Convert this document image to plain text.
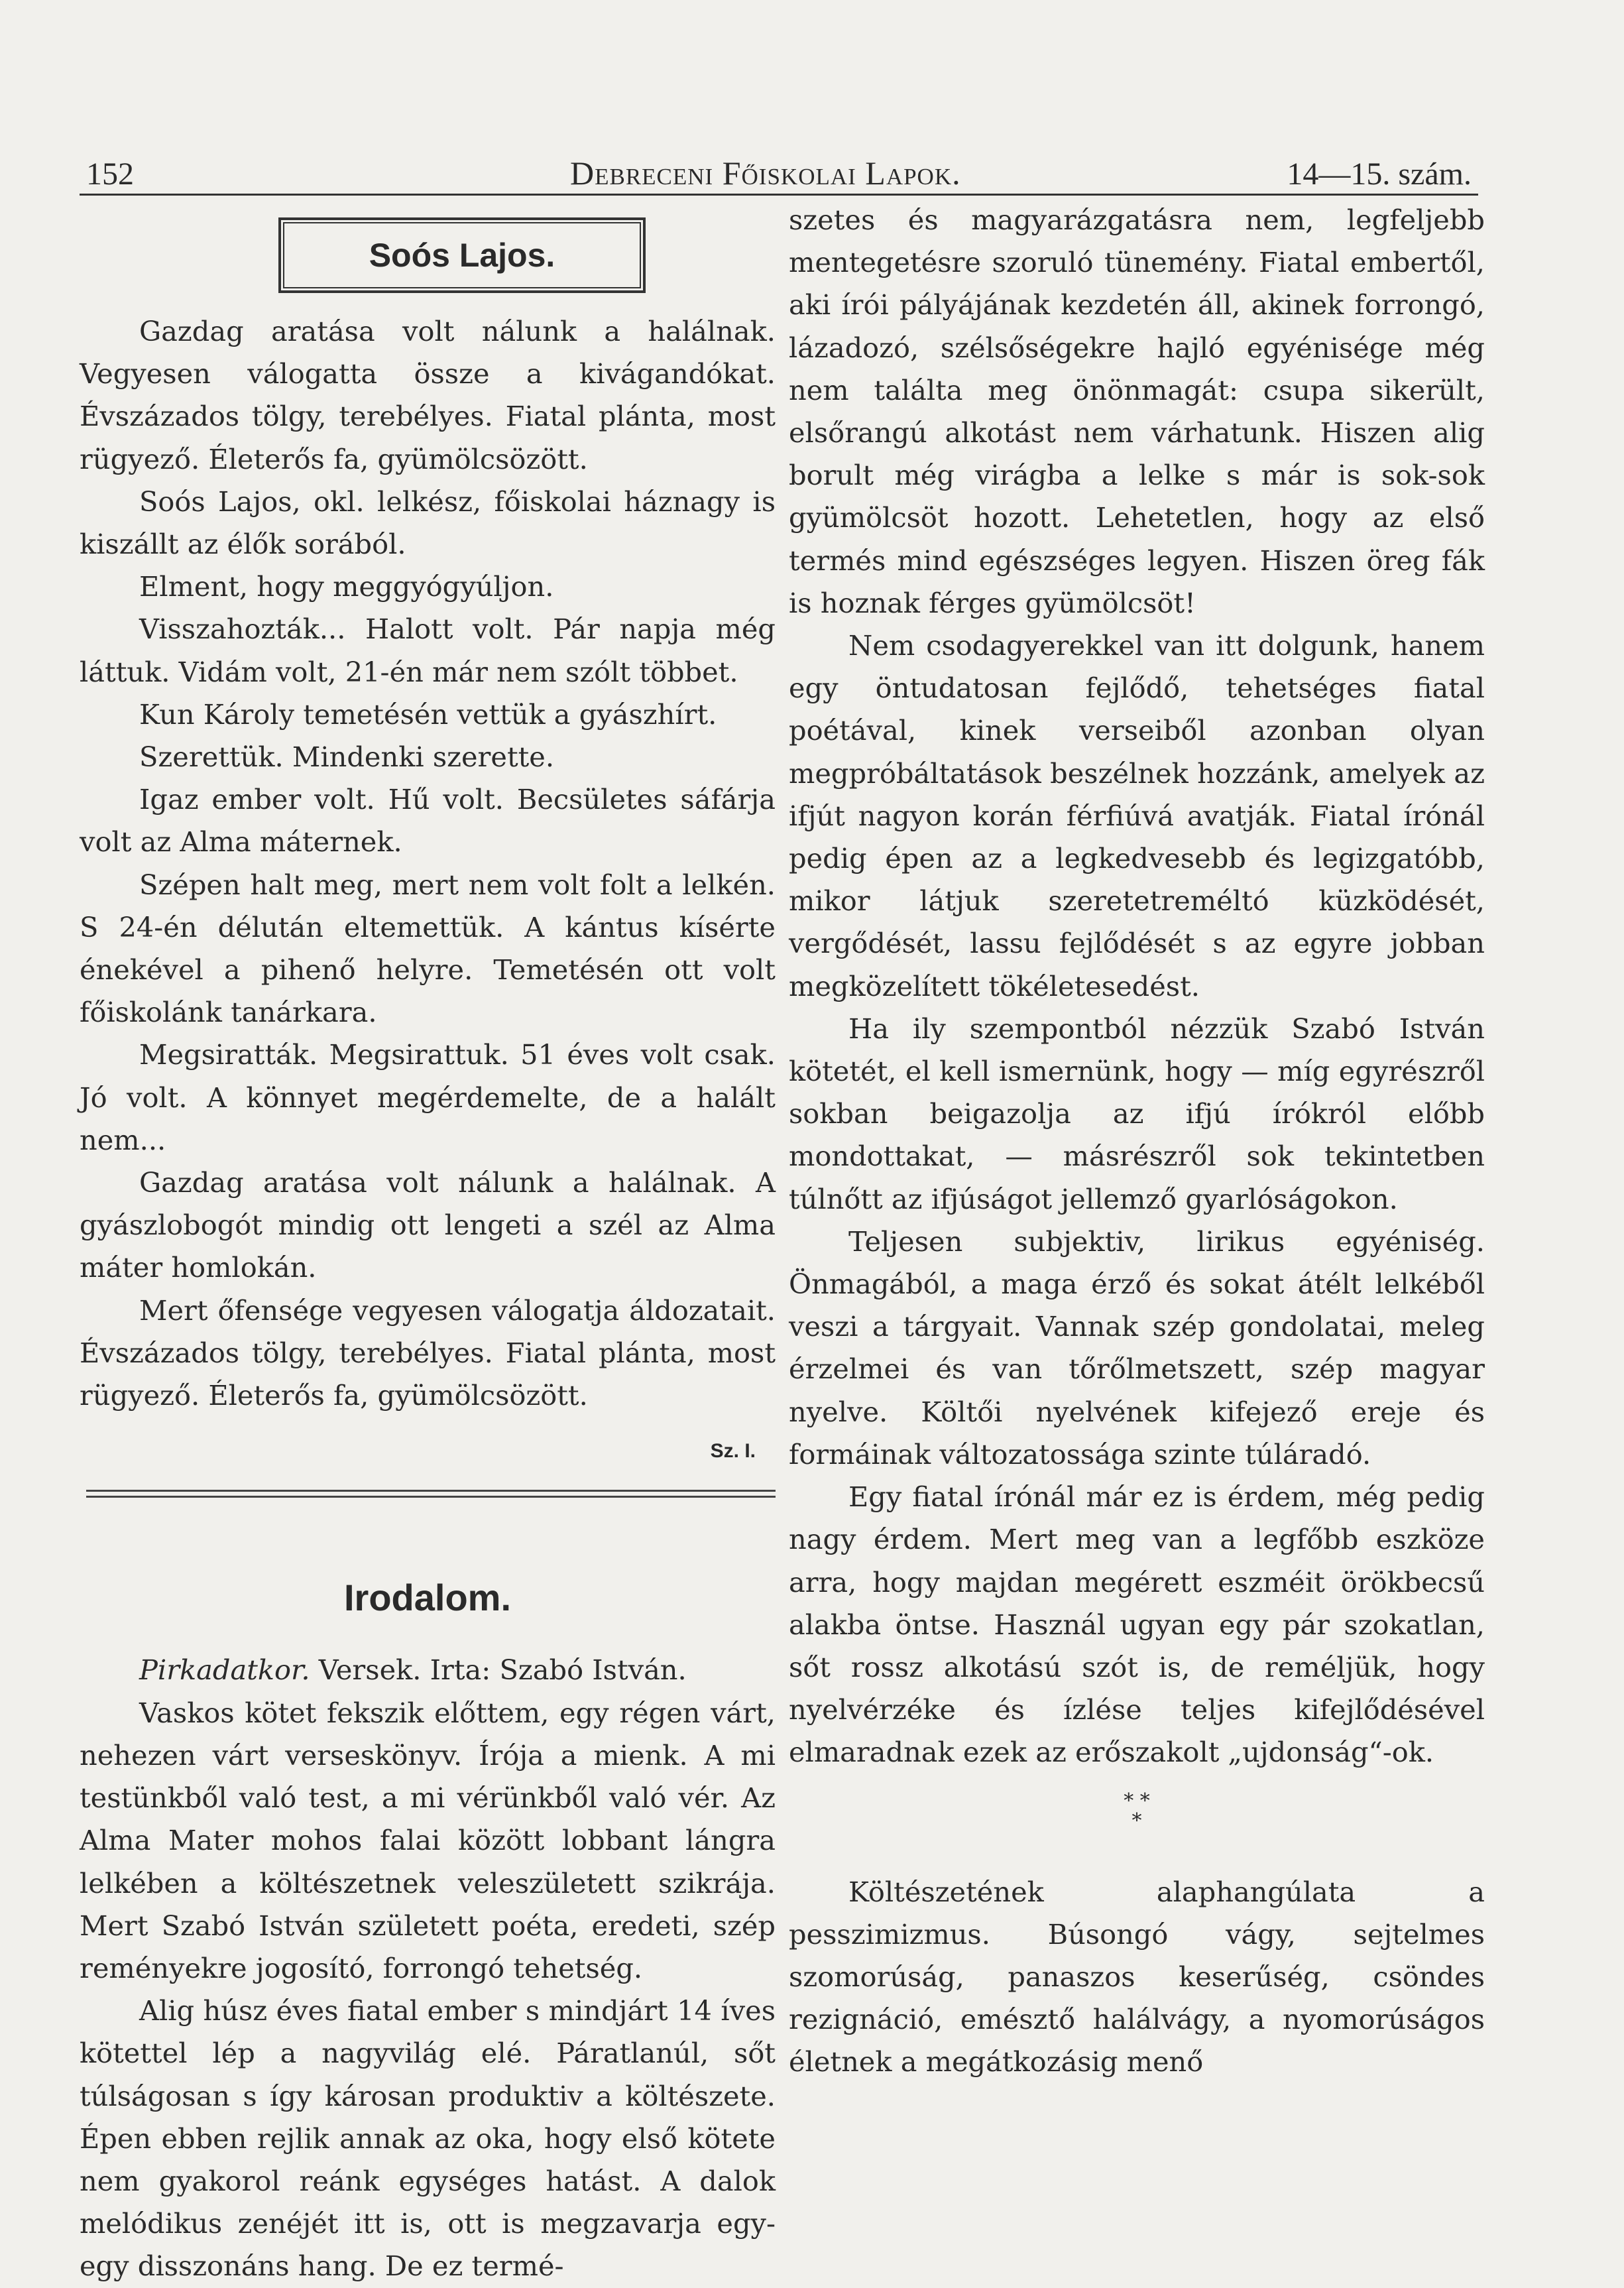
152	Debreceni Főiskolai Lapok.	14—15. szám.
Soós Lajos.

Gazdag aratása volt nálunk a halálnak. Vegyesen válogatta össze a kivágandókat. Évszázados tölgy, terebélyes. Fiatal plánta, most rügyező. Életerős fa, gyümölcsözött.

Soós Lajos, okl. lelkész, főiskolai háznagy is kiszállt az élők sorából.

Elment, hogy meggyógyúljon.

Visszahozták... Halott volt. Pár napja még láttuk. Vidám volt, 21-én már nem szólt többet.

Kun Károly temetésén vettük a gyászhírt.

Szerettük. Mindenki szerette.

Igaz ember volt. Hű volt. Becsületes sáfárja volt az Alma máternek.

Szépen halt meg, mert nem volt folt a lelkén. S 24-én délután eltemettük. A kántus kísérte énekével a pihenő helyre. Temetésén ott volt főiskolánk tanárkara.

Megsiratták. Megsirattuk. 51 éves volt csak. Jó volt. A könnyet megérdemelte, de a halált nem...

Gazdag aratása volt nálunk a halálnak. A gyászlobogót mindig ott lengeti a szél az Alma máter homlokán.

Mert őfensége vegyesen válogatja áldozatait. Évszázados tölgy, terebélyes. Fiatal plánta, most rügyező. Életerős fa, gyümölcsözött.

Sz. I.
Irodalom.

Pirkadatkor. Versek. Irta: Szabó István.

Vaskos kötet fekszik előttem, egy régen várt, nehezen várt verseskönyv. Írója a mienk. A mi testünkből való test, a mi vérünkből való vér. Az Alma Mater mohos falai között lobbant lángra lelkében a költészetnek veleszületett szikrája. Mert Szabó István született poéta, eredeti, szép reményekre jogosító, forrongó tehetség.

Alig húsz éves fiatal ember s mindjárt 14 íves kötettel lép a nagyvilág elé. Páratlanúl, sőt túlságosan s így károsan produktiv a költészete. Épen ebben rejlik annak az oka, hogy első kötete nem gyakorol reánk egységes hatást. A dalok melódikus zenéjét itt is, ott is megzavarja egy-egy disszonáns hang. De ez termé-

szetes és magyarázgatásra nem, legfeljebb mentegetésre szoruló tünemény. Fiatal embertől, aki írói pályájának kezdetén áll, akinek forrongó, lázadozó, szélsőségekre hajló egyénisége még nem találta meg önönmagát: csupa sikerült, elsőrangú alkotást nem várhatunk. Hiszen alig borult még virágba a lelke s már is sok-sok gyümölcsöt hozott. Lehetetlen, hogy az első termés mind egészséges legyen. Hiszen öreg fák is hoznak férges gyümölcsöt!

Nem csodagyerekkel van itt dolgunk, hanem egy öntudatosan fejlődő, tehetséges fiatal poétával, kinek verseiből azonban olyan megpróbáltatások beszélnek hozzánk, amelyek az ifjút nagyon korán férfiúvá avatják. Fiatal írónál pedig épen az a legkedvesebb és legizgatóbb, mikor látjuk szeretetreméltó küzködését, vergődését, lassu fejlődését s az egyre jobban megközelített tökéletesedést.

Ha ily szempontból nézzük Szabó István kötetét, el kell ismernünk, hogy — míg egyrészről sokban beigazolja az ifjú írókról előbb mondottakat, — másrészről sok tekintetben túlnőtt az ifjúságot jellemző gyarlóságokon.

Teljesen subjektiv, lirikus egyéniség. Önmagából, a maga érző és sokat átélt lelkéből veszi a tárgyait. Vannak szép gondolatai, meleg érzelmei és van tőrőlmetszett, szép magyar nyelve. Költői nyelvének kifejező ereje és formáinak változatossága szinte túláradó.

Egy fiatal írónál már ez is érdem, még pedig nagy érdem. Mert meg van a legfőbb eszköze arra, hogy majdan megérett eszméit örökbecsű alakba öntse. Használ ugyan egy pár szokatlan, sőt rossz alkotású szót is, de reméljük, hogy nyelvérzéke és ízlése teljes kifejlődésével elmaradnak ezek az erőszakolt „ujdonság“-ok.

* *
*

Költészetének alaphangúlata a pesszimizmus. Búsongó vágy, sejtelmes szomorúság, panaszos keserűség, csöndes rezignáció, emésztő halálvágy, a nyomorúságos életnek a megátkozásig menő
